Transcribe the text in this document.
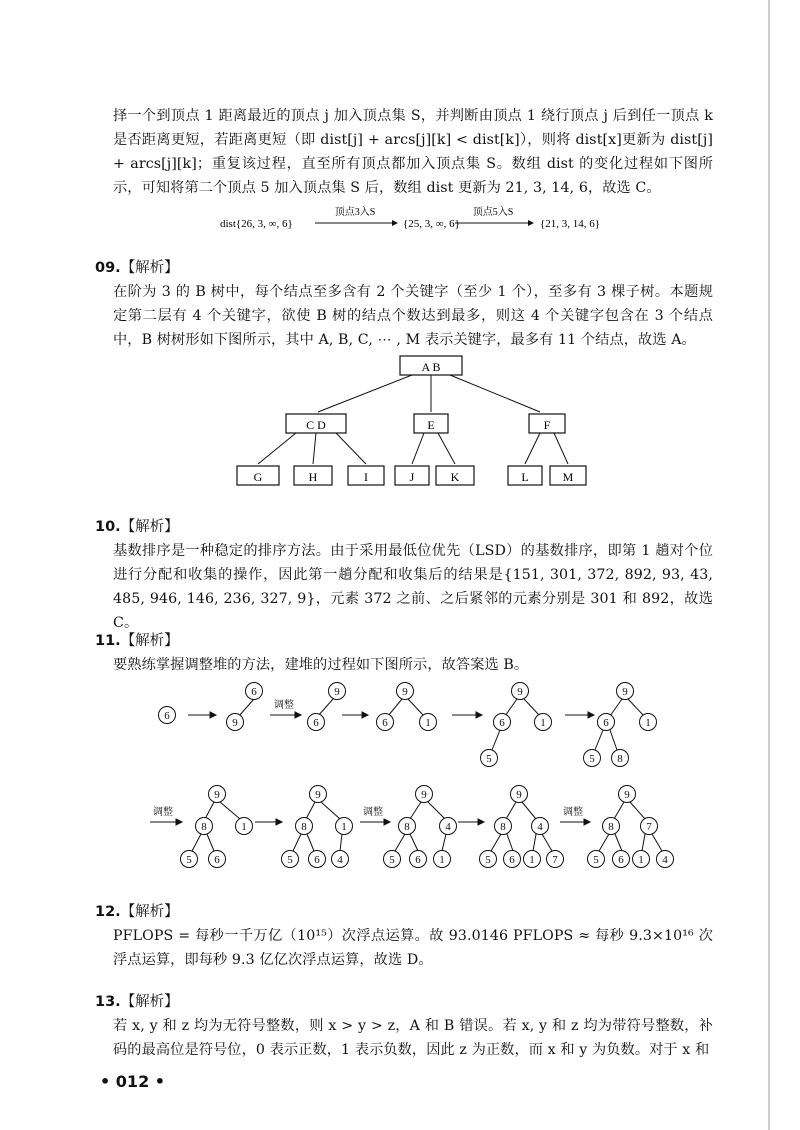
择一个到顶点 1 距离最近的顶点 j 加入顶点集 S，并判断由顶点 1 绕行顶点 j 后到任一顶点 k 是否距离更短，若距离更短（即 dist[j] + arcs[j][k] < dist[k]），则将 dist[x]更新为 dist[j] + arcs[j][k]；重复该过程，直至所有顶点都加入顶点集 S。数组 dist 的变化过程如下图所示，可知将第二个顶点 5 加入顶点集 S 后，数组 dist 更新为 21, 3, 14, 6，故选 C。

dist{26, 3, ∞, 6}
顶点3入S
{25, 3, ∞, 6}
顶点5入S
{21, 3, 14, 6}
09.【解析】

在阶为 3 的 B 树中，每个结点至多含有 2 个关键字（至少 1 个），至多有 3 棵子树。本题规定第二层有 4 个关键字，欲使 B 树的结点个数达到最多，则这 4 个关键字包含在 3 个结点中，B 树树形如下图所示，其中 A, B, C, ⋯ , M 表示关键字，最多有 11 个结点，故选 A。

A B
C D	E	F
G	H	I	J	K	L	M
10.【解析】

基数排序是一种稳定的排序方法。由于采用最低位优先（LSD）的基数排序，即第 1 趟对个位进行分配和收集的操作，因此第一趟分配和收集后的结果是{151, 301, 372, 892, 93, 43, 485, 946, 146, 236, 327, 9}，元素 372 之前、之后紧邻的元素分别是 301 和 892，故选 C。

11.【解析】

要熟练掌握调整堆的方法，建堆的过程如下图所示，故答案选 B。

6
6
9
9
6
9
6	1
9
6	1
5
9
6	1
5 8
9
8	1
5 6
9
8	1
5 6 4
9
8	4
5 6 1
9
8	4
5 6 1 7
9
8	7
5 6 1 4
调整
调整	调整	调整
12.【解析】

PFLOPS = 每秒一千万亿（10¹⁵）次浮点运算。故 93.0146 PFLOPS ≈ 每秒 9.3×10¹⁶ 次浮点运算，即每秒 9.3 亿亿次浮点运算，故选 D。

13.【解析】

若 x, y 和 z 均为无符号整数，则 x > y > z，A 和 B 错误。若 x, y 和 z 均为带符号整数，补码的最高位是符号位，0 表示正数，1 表示负数，因此 z 为正数，而 x 和 y 为负数。对于 x 和

• 012 •
